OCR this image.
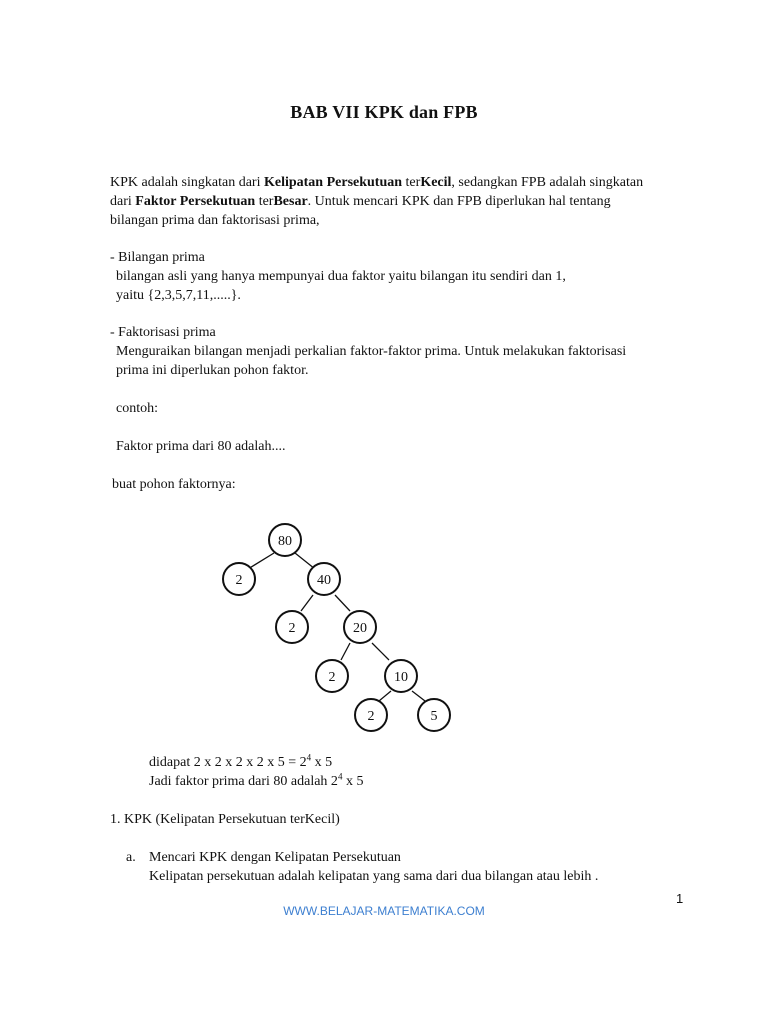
BAB VII KPK dan FPB
KPK adalah singkatan dari Kelipatan Persekutuan terKecil, sedangkan FPB adalah singkatan
dari Faktor Persekutuan terBesar. Untuk mencari KPK dan FPB diperlukan hal tentang
bilangan prima dan faktorisasi prima,
- Bilangan prima
bilangan asli yang hanya mempunyai dua faktor yaitu bilangan itu sendiri dan 1,
yaitu {2,3,5,7,11,.....}.
- Faktorisasi prima
Menguraikan bilangan menjadi perkalian faktor-faktor prima. Untuk melakukan faktorisasi
prima ini diperlukan pohon faktor.
contoh:
Faktor prima dari 80 adalah....
buat pohon faktornya:
80
2	40
2	20
2	10
2	5
didapat 2 x 2 x 2 x 2 x $5 = 2^4$ x 5
Jadi faktor prima dari 80 adalah $2^4$ x 5
1. KPK (Kelipatan Persekutuan terKecil)
a. Mencari KPK dengan Kelipatan Persekutuan
Kelipatan persekutuan adalah kelipatan yang sama dari dua bilangan atau lebih .
1
WWW.BELAJAR-MATEMATIKA.COM
